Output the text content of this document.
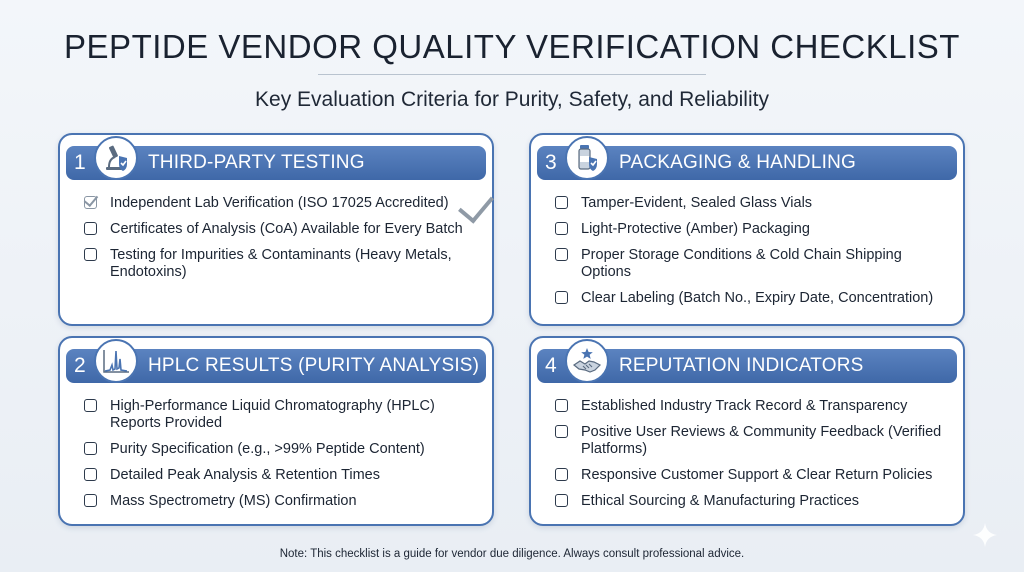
PEPTIDE VENDOR QUALITY VERIFICATION CHECKLIST
Key Evaluation Criteria for Purity, Safety, and Reliability
1	THIRD-PARTY TESTING
Independent Lab Verification (ISO 17025 Accredited)
Certificates of Analysis (CoA) Available for Every Batch
Testing for Impurities & Contaminants (Heavy Metals, Endotoxins)
3	PACKAGING & HANDLING
Tamper-Evident, Sealed Glass Vials
Light-Protective (Amber) Packaging
Proper Storage Conditions & Cold Chain Shipping Options
Clear Labeling (Batch No., Expiry Date, Concentration)
2	HPLC RESULTS (PURITY ANALYSIS)
High-Performance Liquid Chromatography (HPLC) Reports Provided
Purity Specification (e.g., >99% Peptide Content)
Detailed Peak Analysis & Retention Times
Mass Spectrometry (MS) Confirmation
4	REPUTATION INDICATORS
Established Industry Track Record & Transparency
Positive User Reviews & Community Feedback (Verified Platforms)
Responsive Customer Support & Clear Return Policies
Ethical Sourcing & Manufacturing Practices
Note: This checklist is a guide for vendor due diligence. Always consult professional advice.
